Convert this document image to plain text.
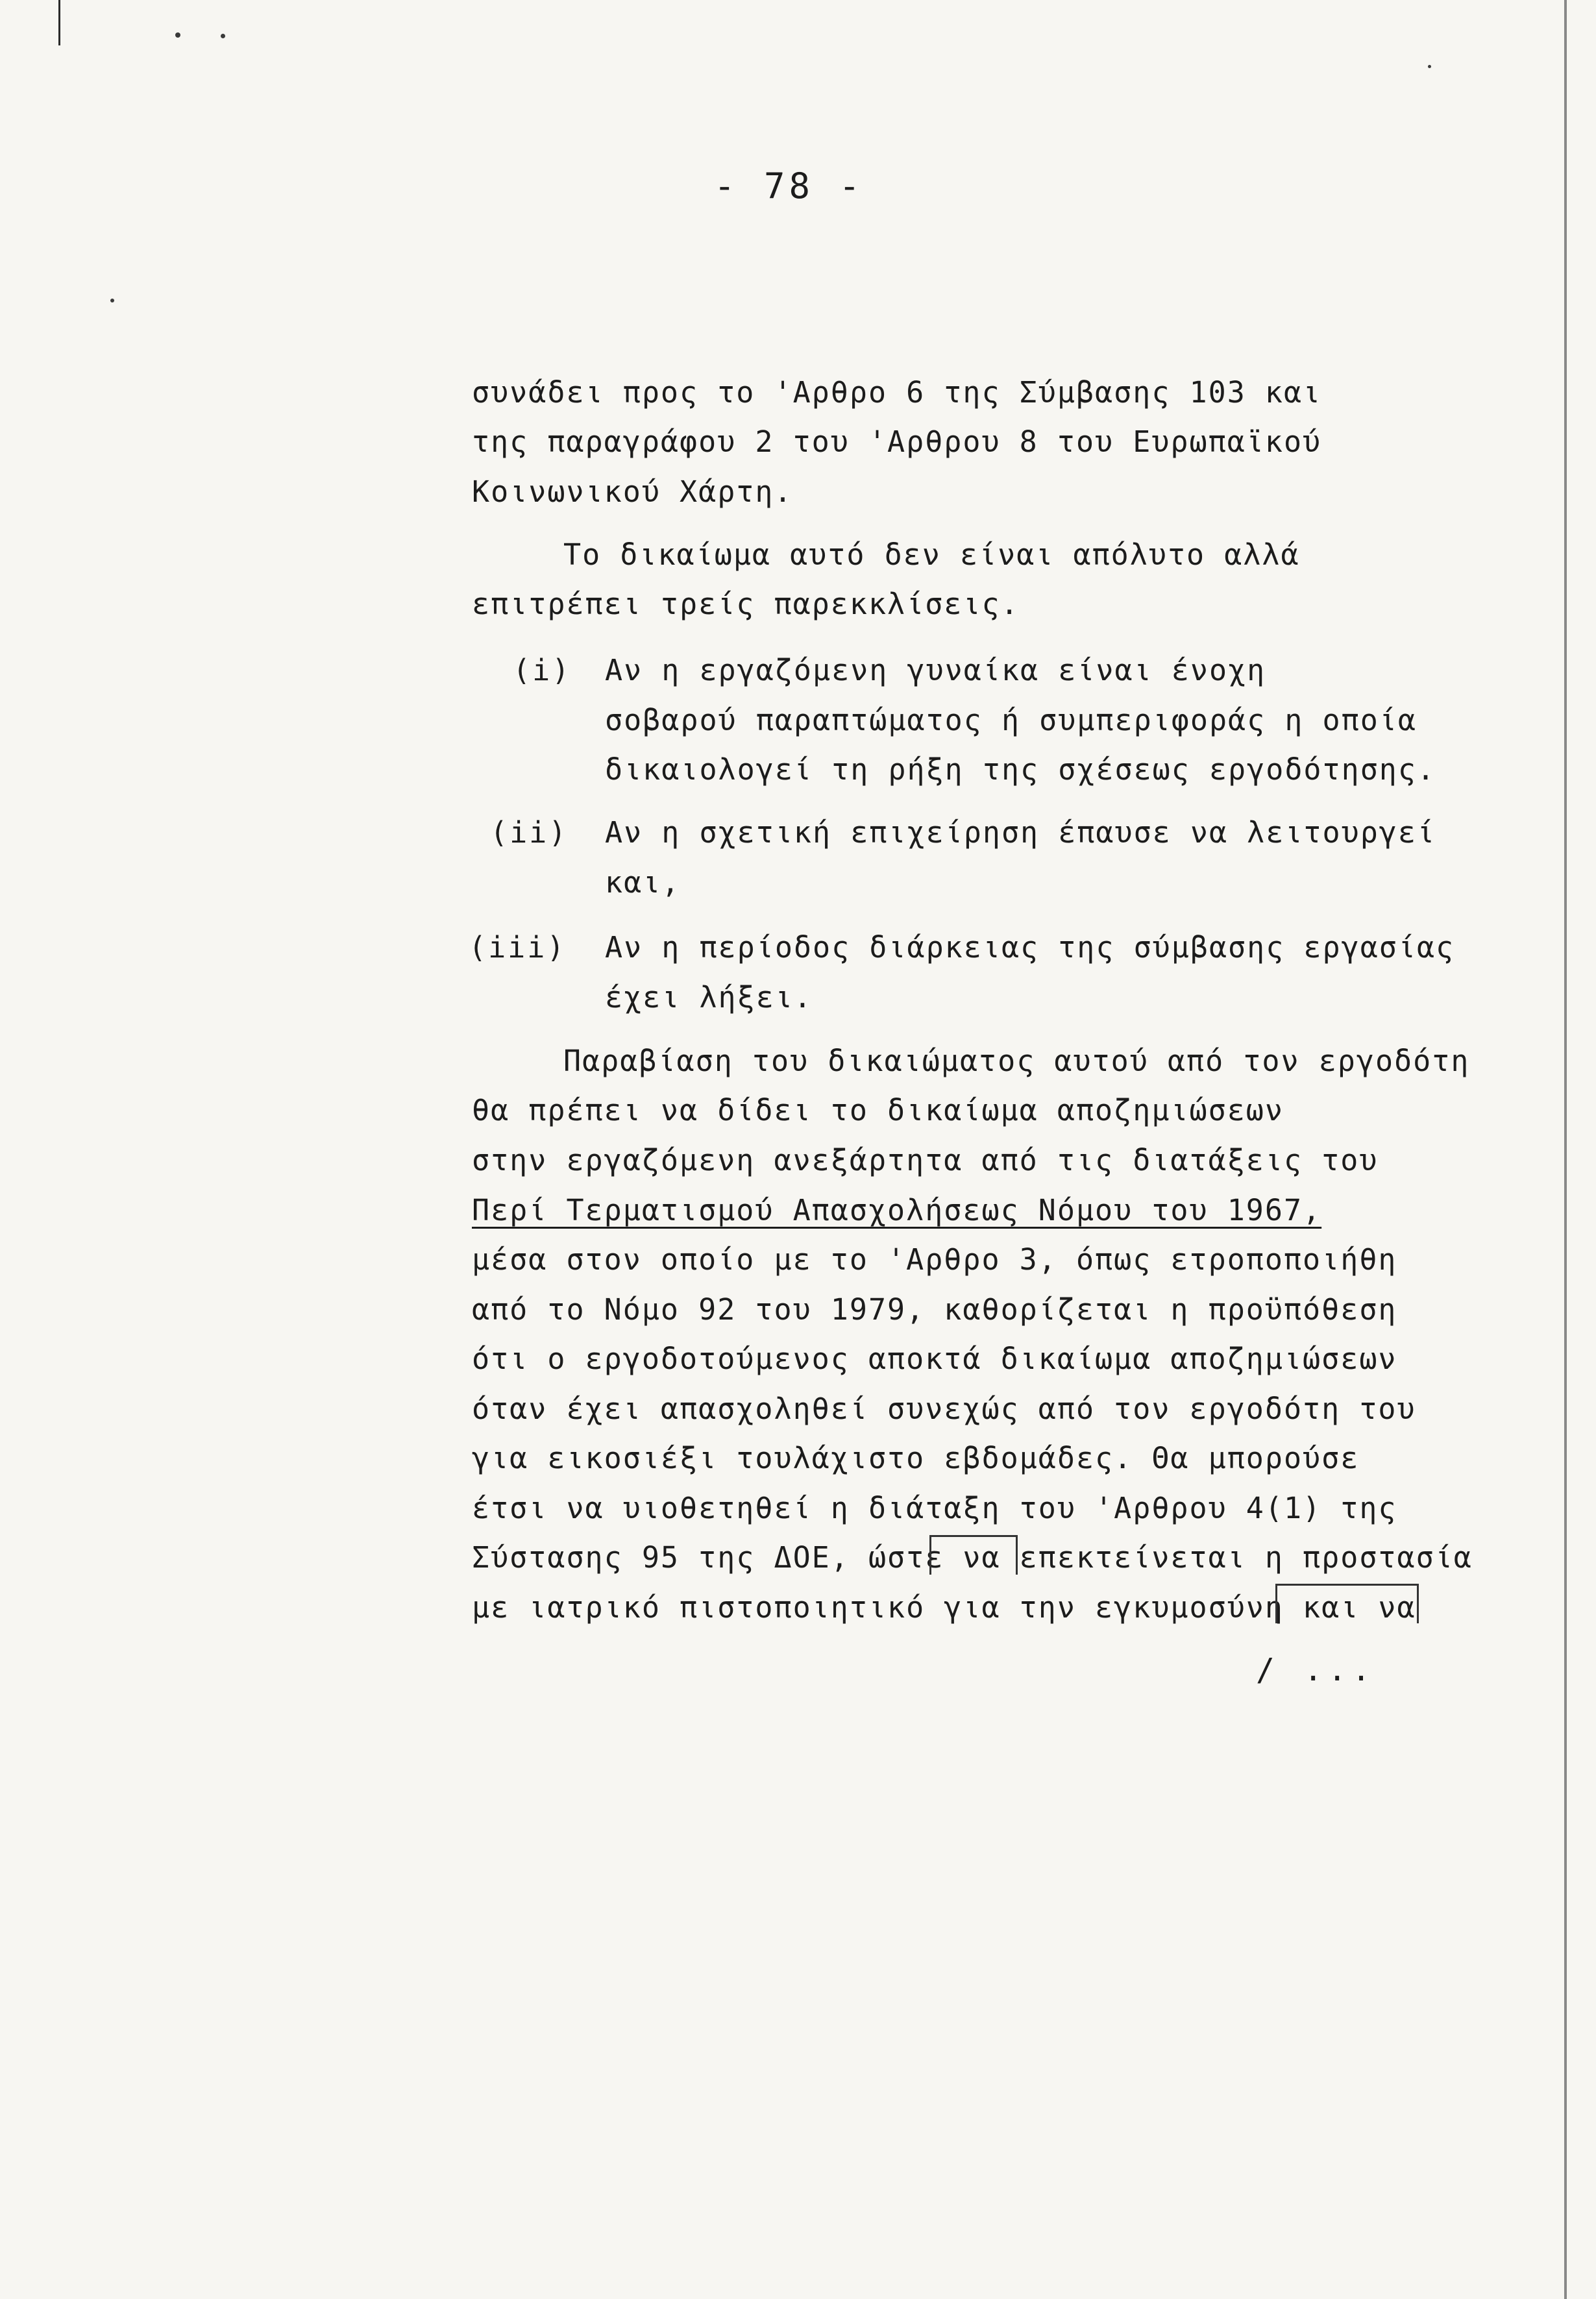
- 78 -
συνάδει προς το 'Αρθρο 6 της Σύμβασης 103 και
της παραγράφου 2 του 'Αρθρου 8 του Ευρωπαϊκού
Κοινωνικού Χάρτη.
Το δικαίωμα αυτό δεν είναι απόλυτο αλλά
επιτρέπει τρείς παρεκκλίσεις.
(i) Αν η εργαζόμενη γυναίκα είναι ένοχη
σοβαρού παραπτώματος ή συμπεριφοράς η οποία
δικαιολογεί τη ρήξη της σχέσεως εργοδότησης.
(ii) Αν η σχετική επιχείρηση έπαυσε να λειτουργεί
και,
(iii) Αν η περίοδος διάρκειας της σύμβασης εργασίας
έχει λήξει.
Παραβίαση του δικαιώματος αυτού από τον εργοδότη
θα πρέπει να δίδει το δικαίωμα αποζημιώσεων
στην εργαζόμενη ανεξάρτητα από τις διατάξεις του
Περί Τερματισμού Απασχολήσεως Νόμου του 1967,
μέσα στον οποίο με το 'Αρθρο 3, όπως ετροποποιήθη
από το Νόμο 92 του 1979, καθορίζεται η προϋπόθεση
ότι ο εργοδοτούμενος αποκτά δικαίωμα αποζημιώσεων
όταν έχει απασχοληθεί συνεχώς από τον εργοδότη του
για εικοσιέξι τουλάχιστο εβδομάδες. Θα μπορούσε
έτσι να υιοθετηθεί η διάταξη του 'Αρθρου 4(1) της
Σύστασης 95 της ΔΟΕ, ώστε να επεκτείνεται η προστασία
με ιατρικό πιστοποιητικό για την εγκυμοσύνη και να
/ ...
